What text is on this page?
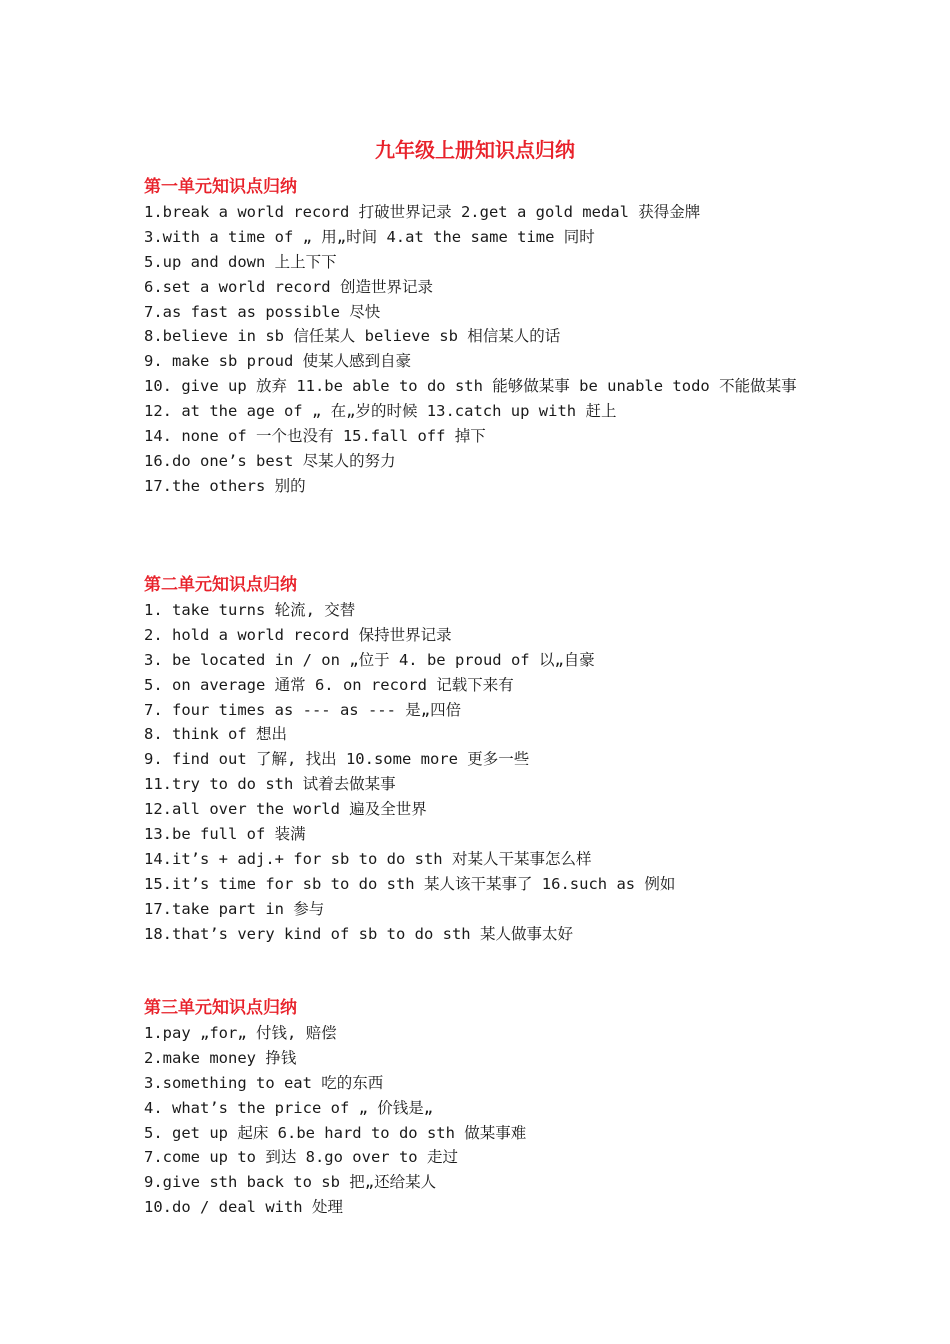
九年级上册知识点归纳

第一单元知识点归纳

1.break a world record 打破世界记录 2.get a gold medal 获得金牌

3.with a time of „ 用„时间 4.at the same time 同时

5.up and down 上上下下

6.set a world record 创造世界记录

7.as fast as possible 尽快

8.believe in sb 信任某人 believe sb 相信某人的话

9. make sb proud 使某人感到自豪

10. give up 放弃 11.be able to do sth 能够做某事 be unable todo 不能做某事

12. at the age of „ 在„岁的时候 13.catch up with 赶上

14. none of 一个也没有 15.fall off 掉下

16.do one’s best 尽某人的努力

17.the others 别的

第二单元知识点归纳

1. take turns 轮流, 交替

2. hold a world record 保持世界记录

3. be located in / on „位于 4. be proud of 以„自豪

5. on average 通常 6. on record 记载下来有

7. four times as --- as --- 是„四倍

8. think of 想出

9. find out 了解, 找出 10.some more 更多一些

11.try to do sth 试着去做某事

12.all over the world 遍及全世界

13.be full of 装满

14.it’s + adj.+ for sb to do sth 对某人干某事怎么样

15.it’s time for sb to do sth 某人该干某事了 16.such as 例如

17.take part in 参与

18.that’s very kind of sb to do sth 某人做事太好

第三单元知识点归纳

1.pay „for„ 付钱, 赔偿

2.make money 挣钱

3.something to eat 吃的东西

4. what’s the price of „ 价钱是„

5. get up 起床 6.be hard to do sth 做某事难

7.come up to 到达 8.go over to 走过

9.give sth back to sb 把„还给某人

10.do / deal with 处理
